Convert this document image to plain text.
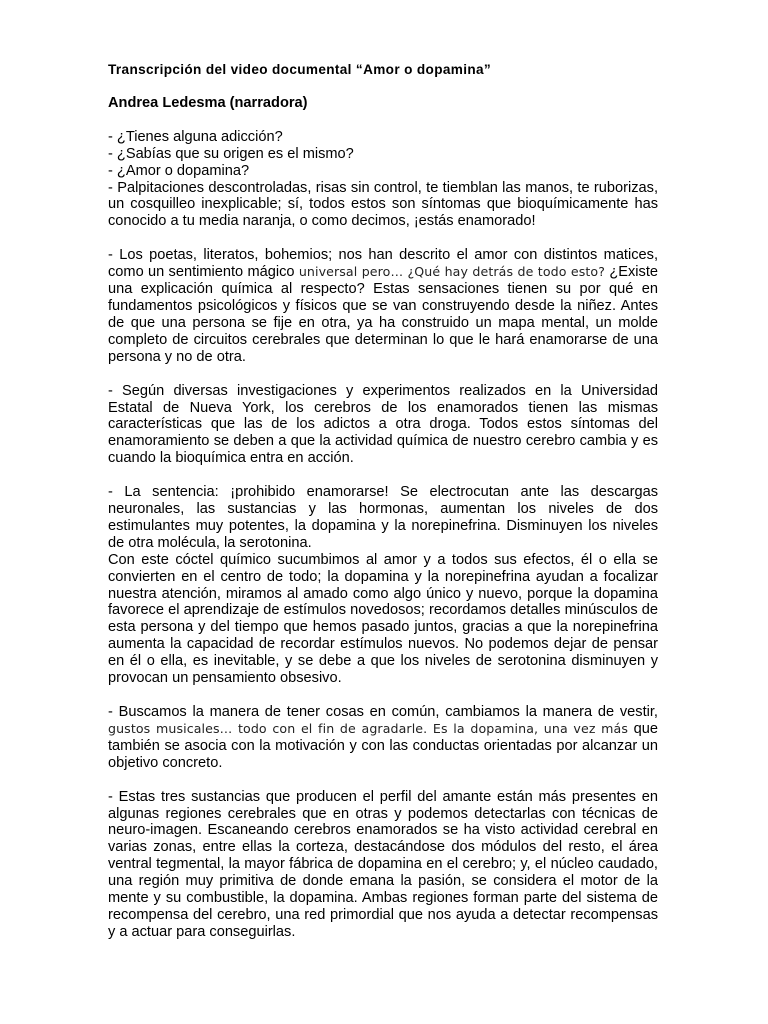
Transcripción del video documental “Amor o dopamina”
Andrea Ledesma (narradora)
- ¿Tienes alguna adicción?
- ¿Sabías que su origen es el mismo?
- ¿Amor o dopamina?

- Palpitaciones descontroladas, risas sin control, te tiemblan las manos, te ruborizas, un cosquilleo inexplicable; sí, todos estos son síntomas que bioquímicamente has conocido a tu media naranja, o como decimos, ¡estás enamorado!

- Los poetas, literatos, bohemios; nos han descrito el amor con distintos matices, como un sentimiento mágico universal pero… ¿Qué hay detrás de todo esto? ¿Existe una explicación química al respecto? Estas sensaciones tienen su por qué en fundamentos psicológicos y físicos que se van construyendo desde la niñez. Antes de que una persona se fije en otra, ya ha construido un mapa mental, un molde completo de circuitos cerebrales que determinan lo que le hará enamorarse de una persona y no de otra.

- Según diversas investigaciones y experimentos realizados en la Universidad Estatal de Nueva York, los cerebros de los enamorados tienen las mismas características que las de los adictos a otra droga. Todos estos síntomas del enamoramiento se deben a que la actividad química de nuestro cerebro cambia y es cuando la bioquímica entra en acción.

- La sentencia: ¡prohibido enamorarse! Se electrocutan ante las descargas neuronales, las sustancias y las hormonas, aumentan los niveles de dos estimulantes muy potentes, la dopamina y la norepinefrina. Disminuyen los niveles de otra molécula, la serotonina.

Con este cóctel químico sucumbimos al amor y a todos sus efectos, él o ella se convierten en el centro de todo; la dopamina y la norepinefrina ayudan a focalizar nuestra atención, miramos al amado como algo único y nuevo, porque la dopamina favorece el aprendizaje de estímulos novedosos; recordamos detalles minúsculos de esta persona y del tiempo que hemos pasado juntos, gracias a que la norepinefrina aumenta la capacidad de recordar estímulos nuevos. No podemos dejar de pensar en él o ella, es inevitable, y se debe a que los niveles de serotonina disminuyen y provocan un pensamiento obsesivo.

- Buscamos la manera de tener cosas en común, cambiamos la manera de vestir, gustos musicales… todo con el fin de agradarle. Es la dopamina, una vez más que también se asocia con la motivación y con las conductas orientadas por alcanzar un objetivo concreto.

- Estas tres sustancias que producen el perfil del amante están más presentes en algunas regiones cerebrales que en otras y podemos detectarlas con técnicas de neuro-imagen. Escaneando cerebros enamorados se ha visto actividad cerebral en varias zonas, entre ellas la corteza, destacándose dos módulos del resto, el área ventral tegmental, la mayor fábrica de dopamina en el cerebro; y, el núcleo caudado, una región muy primitiva de donde emana la pasión, se considera el motor de la mente y su combustible, la dopamina. Ambas regiones forman parte del sistema de recompensa del cerebro, una red primordial que nos ayuda a detectar recompensas y a actuar para conseguirlas.
